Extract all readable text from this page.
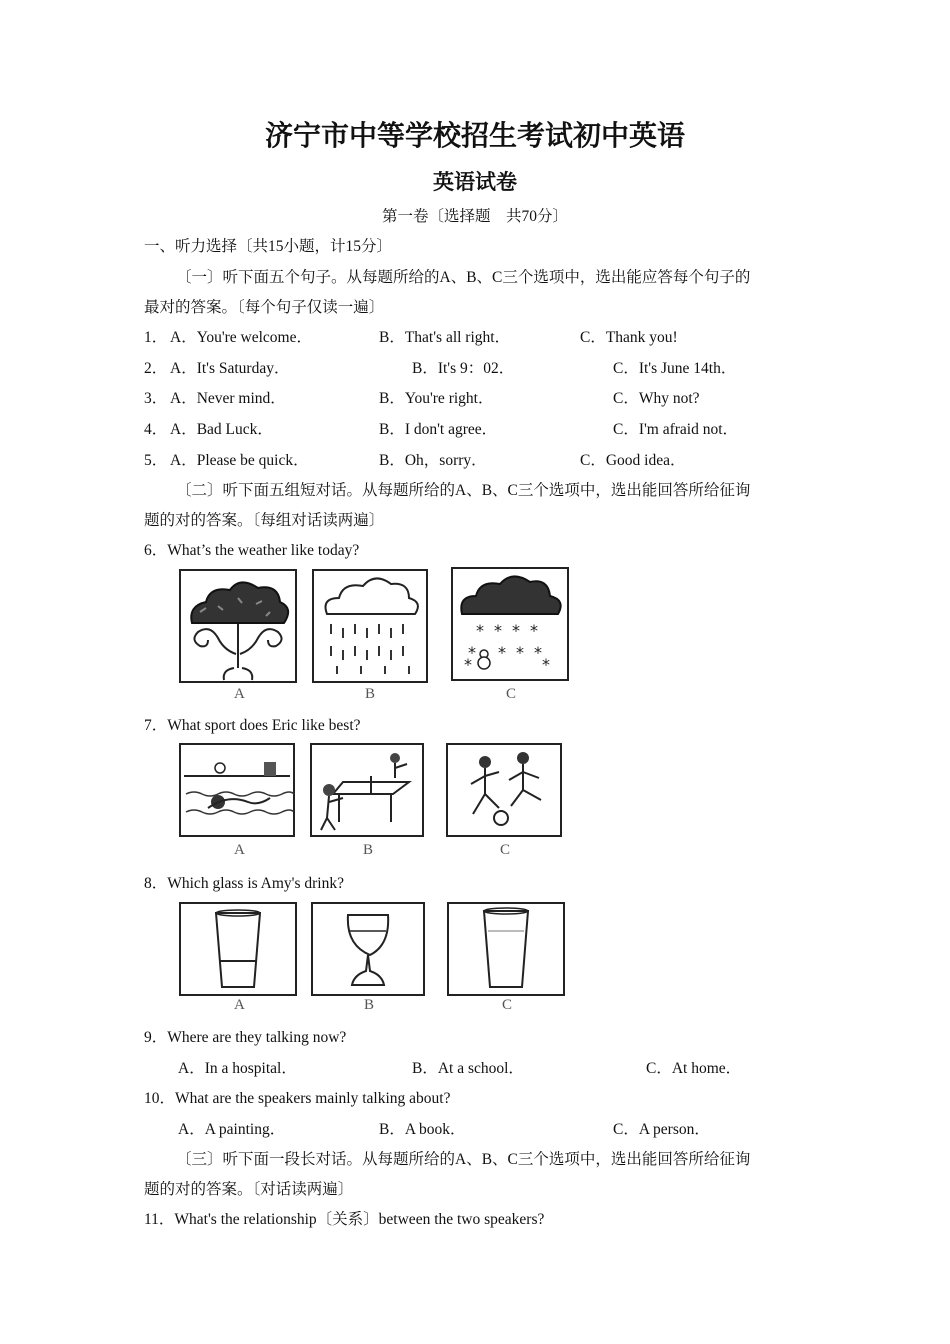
济宁市中等学校招生考试初中英语
英语试卷
第一卷〔选择题　共70分〕
一、听力选择〔共15小题，计15分〕
〔一〕听下面五个句子。从每题所给的A、B、C三个选项中，选出能应答每个句子的
最对的答案。〔每个句子仅读一遍〕
1． A．You're welcome．	B．That's all right．	C．Thank you!
2． A．It's Saturday．	B．It's 9：02．	C．It's June 14th．
3． A．Never mind．	B．You're right．	C．Why not?
4． A．Bad Luck．	B．I don't agree．	C．I'm afraid not．
5． A．Please be quick．	B．Oh，sorry．	C．Good idea．
〔二〕听下面五组短对话。从每题所给的A、B、C三个选项中，选出能回答所给征询
题的对的答案。〔每组对话读两遍〕
6．What’s the weather like today?
A	B
* * * *
* * * *
*	*
C
7．What sport does Eric like best?
A	B	C
8．Which glass is Amy's drink?
A	B	C
9．Where are they talking now?
A．In a hospital．	B．At a school．	C．At home．
10．What are the speakers mainly talking about?
A．A painting．	B．A book．	C．A person．
〔三〕听下面一段长对话。从每题所给的A、B、C三个选项中，选出能回答所给征询
题的对的答案。〔对话读两遍〕
11．What's the relationship〔关系〕between the two speakers?
